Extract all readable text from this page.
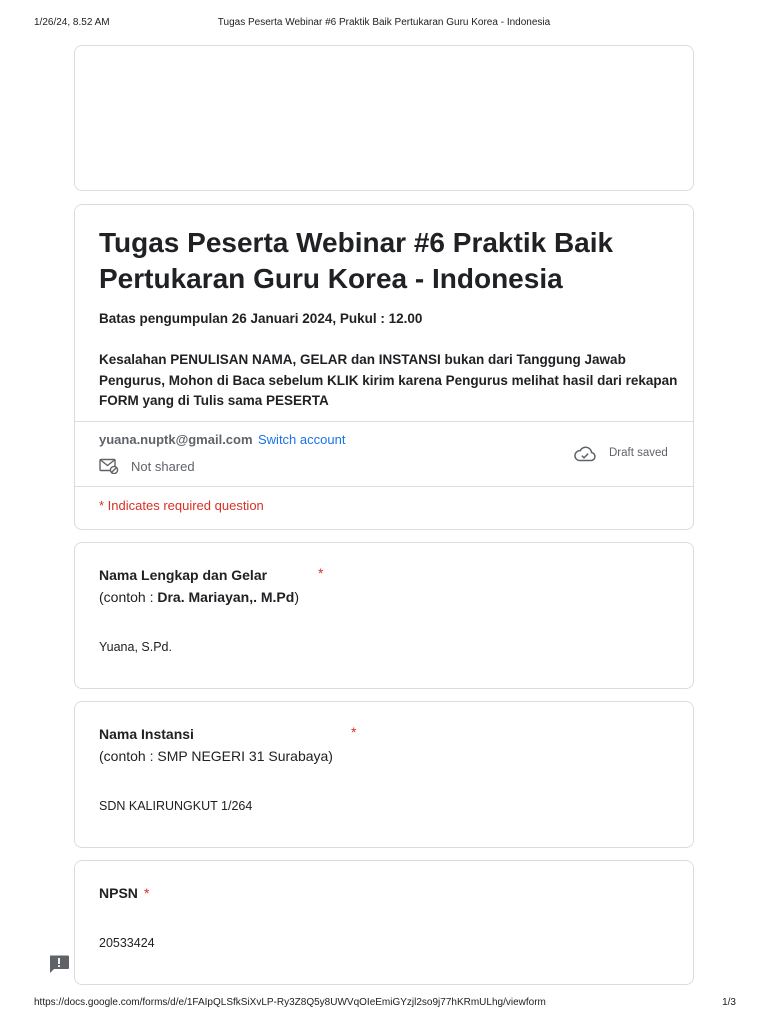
1/26/24, 8.52 AM	Tugas Peserta Webinar #6 Praktik Baik Pertukaran Guru Korea - Indonesia
Tugas Peserta Webinar #6 Praktik Baik Pertukaran Guru Korea - Indonesia
Batas pengumpulan 26 Januari 2024, Pukul : 12.00
Kesalahan PENULISAN NAMA, GELAR dan INSTANSI bukan dari Tanggung Jawab Pengurus, Mohon di Baca sebelum KLIK kirim karena Pengurus melihat hasil dari rekapan FORM yang di Tulis sama PESERTA
yuana.nuptk@gmail.com Switch account
Not shared
Draft saved
* Indicates required question
Nama Lengkap dan Gelar	*
(contoh : Dra. Mariayan,. M.Pd)
Yuana, S.Pd.
Nama Instansi	*
(contoh : SMP NEGERI 31 Surabaya)
SDN KALIRUNGKUT 1/264
NPSN *
20533424
https://docs.google.com/forms/d/e/1FAIpQLSfkSiXvLP-Ry3Z8Q5y8UWVqOIeEmiGYzjl2so9j77hKRmULhg/viewform	1/3
